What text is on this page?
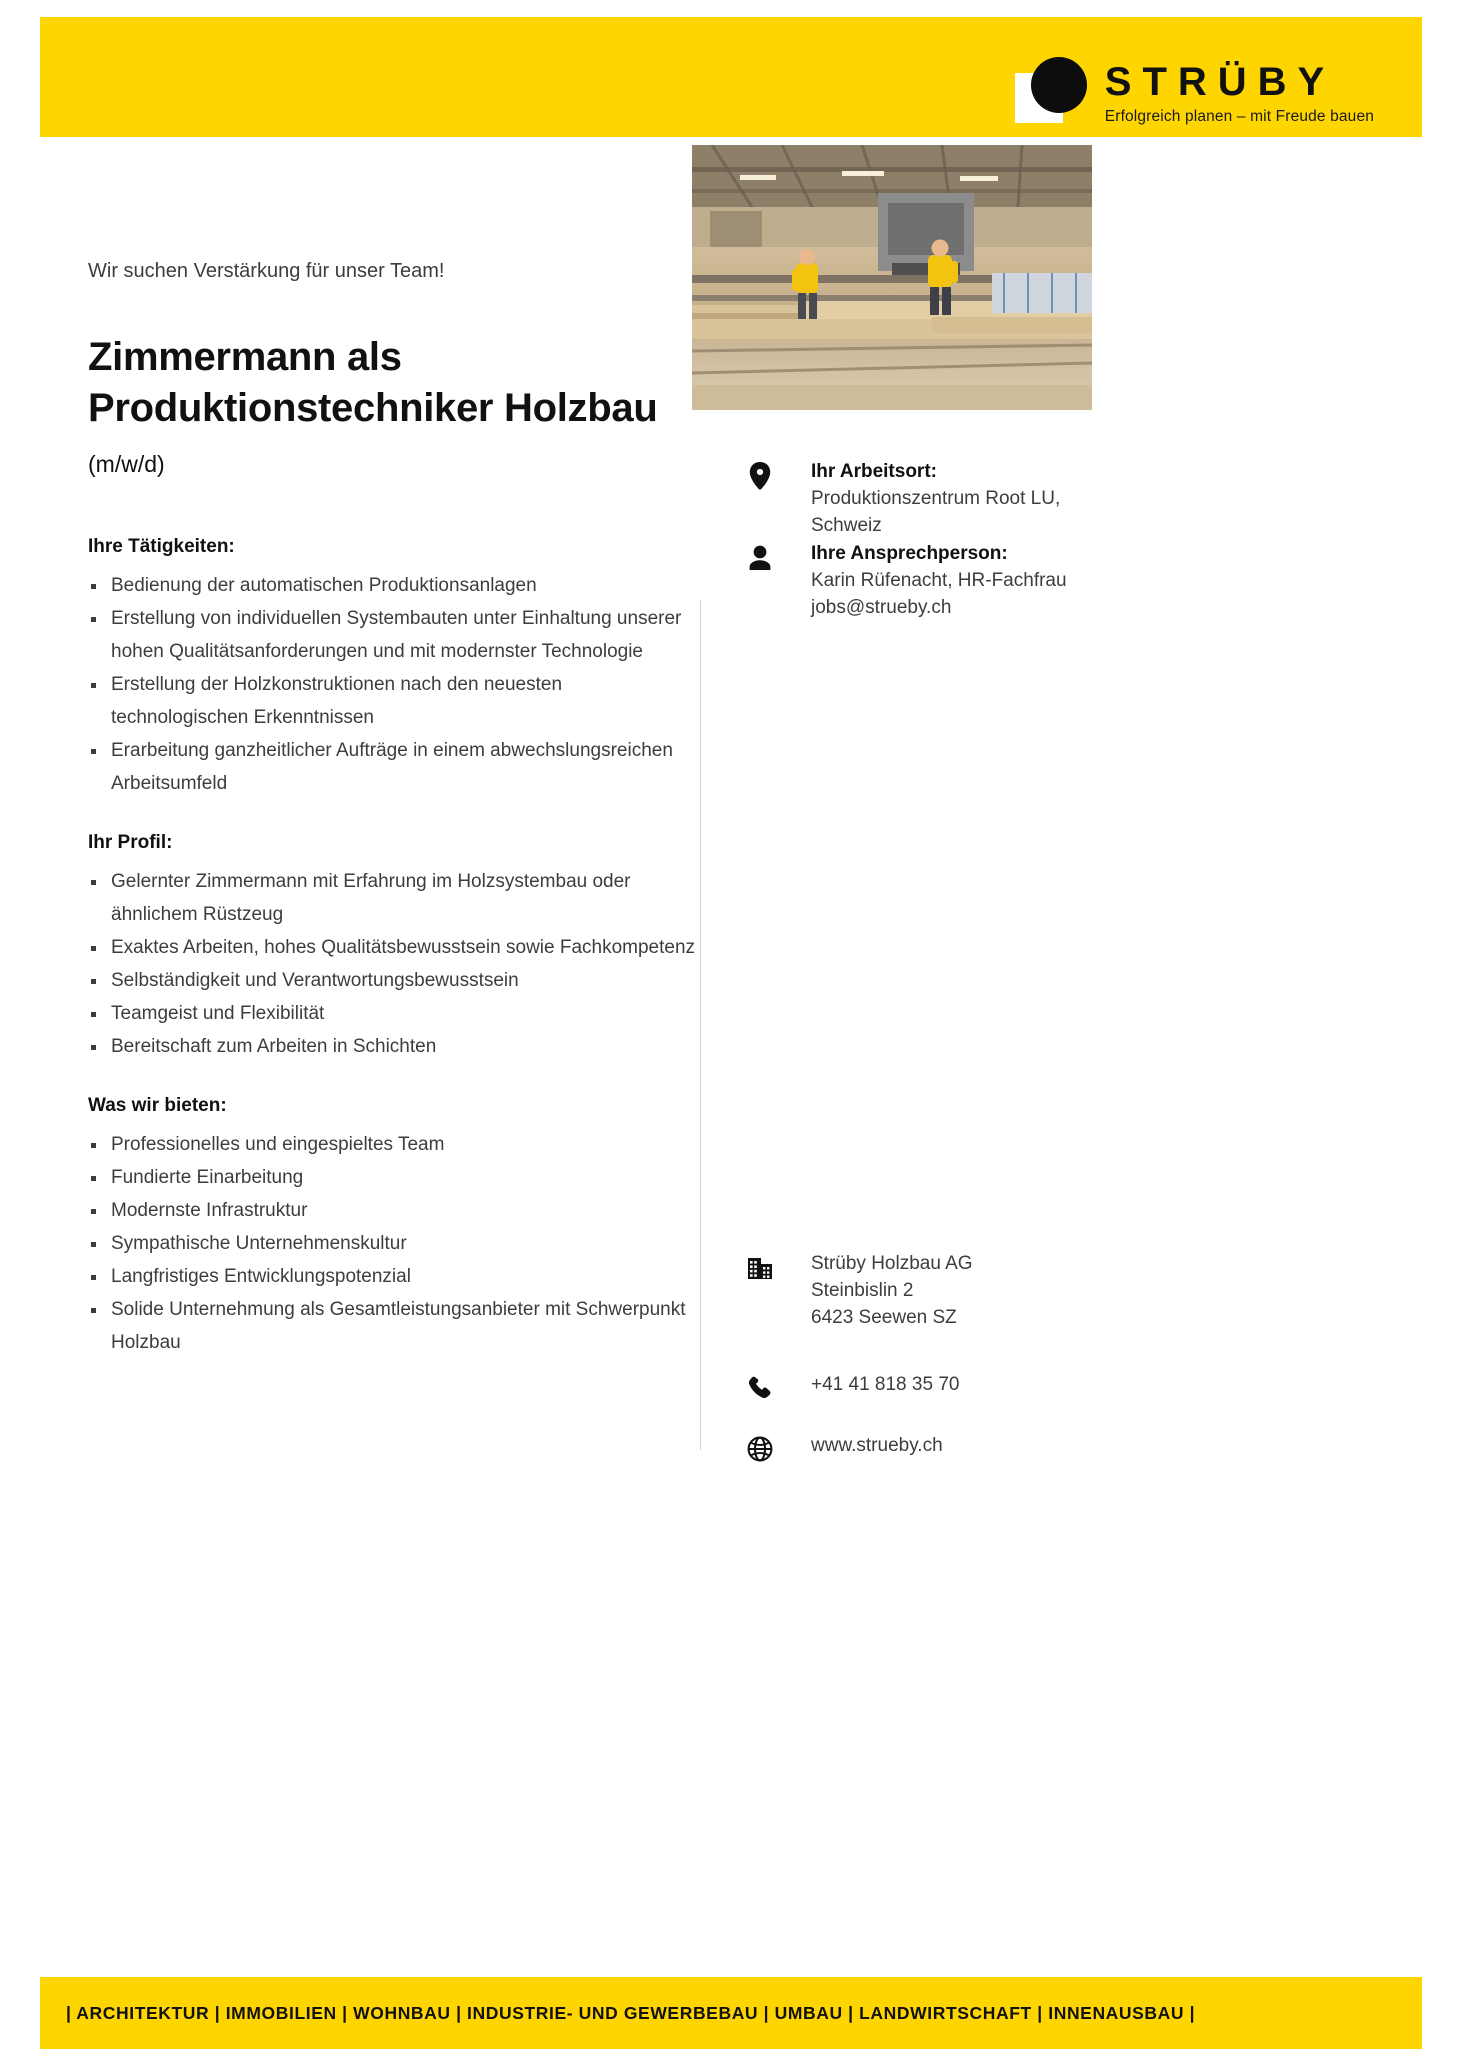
STRÜBY
Erfolgreich planen – mit Freude bauen
Wir suchen Verstärkung für unser Team!
Zimmermann als
Produktionstechniker Holzbau (m/w/d)
Ihre Tätigkeiten:
Bedienung der automatischen Produktionsanlagen
Erstellung von individuellen Systembauten unter Einhaltung unserer hohen Qualitätsanforderungen und mit modernster Technologie
Erstellung der Holzkonstruktionen nach den neuesten technologischen Erkenntnissen
Erarbeitung ganzheitlicher Aufträge in einem abwechslungsreichen Arbeitsumfeld
Ihr Profil:
Gelernter Zimmermann mit Erfahrung im Holzsystembau oder ähnlichem Rüstzeug
Exaktes Arbeiten, hohes Qualitätsbewusstsein sowie Fachkompetenz
Selbständigkeit und Verantwortungsbewusstsein
Teamgeist und Flexibilität
Bereitschaft zum Arbeiten in Schichten
Was wir bieten:
Professionelles und eingespieltes Team
Fundierte Einarbeitung
Modernste Infrastruktur
Sympathische Unternehmenskultur
Langfristiges Entwicklungspotenzial
Solide Unternehmung als Gesamtleistungsanbieter mit Schwerpunkt Holzbau
Ihr Arbeitsort:
Produktionszentrum Root LU,
Schweiz
Ihre Ansprechperson:
Karin Rüfenacht, HR-Fachfrau
jobs@strueby.ch
Strüby Holzbau AG
Steinbislin 2
6423 Seewen SZ
+41 41 818 35 70
www.strueby.ch
| ARCHITEKTUR | IMMOBILIEN | WOHNBAU | INDUSTRIE- UND GEWERBEBAU | UMBAU | LANDWIRTSCHAFT | INNENAUSBAU |
